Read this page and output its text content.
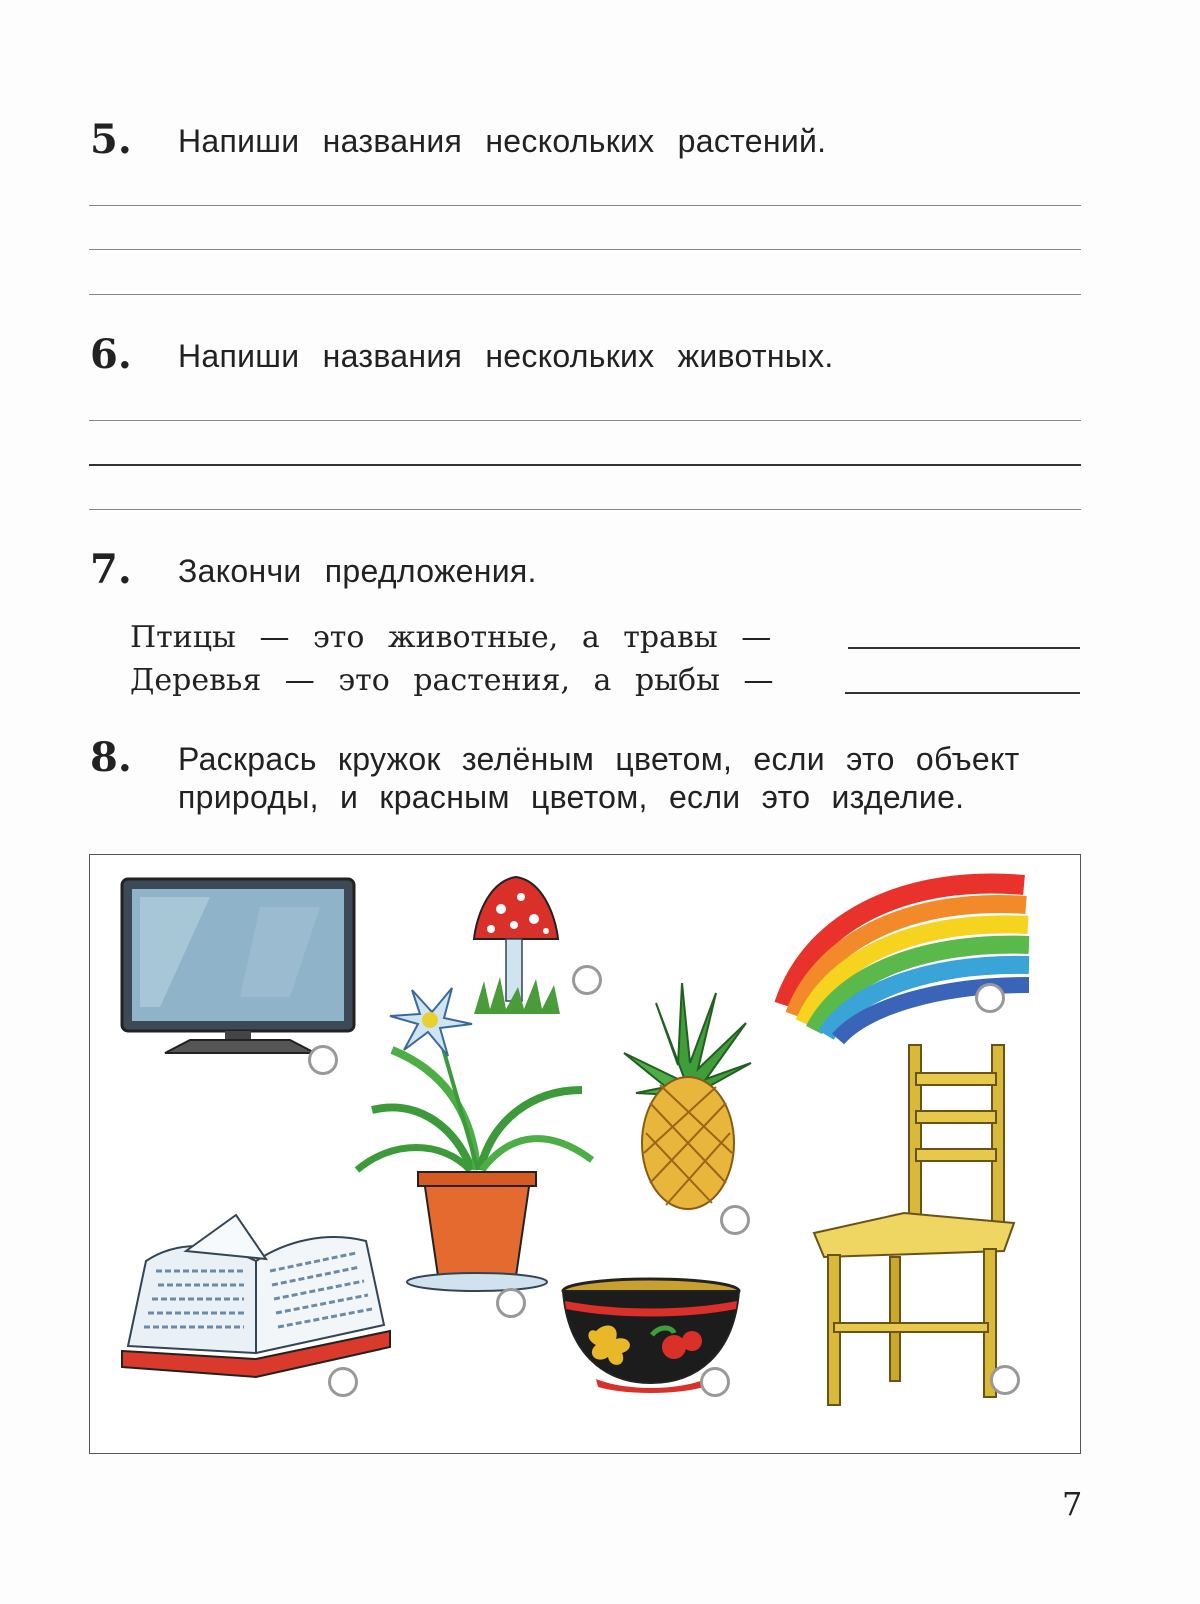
5. Напиши названия нескольких растений.
6. Напиши названия нескольких животных.
7. Закончи предложения.
Птицы — это животные, а травы —
Деревья — это растения, а рыбы —
8. Раскрась кружок зелёным цветом, если это объект
природы, и красным цветом, если это изделие.
7
